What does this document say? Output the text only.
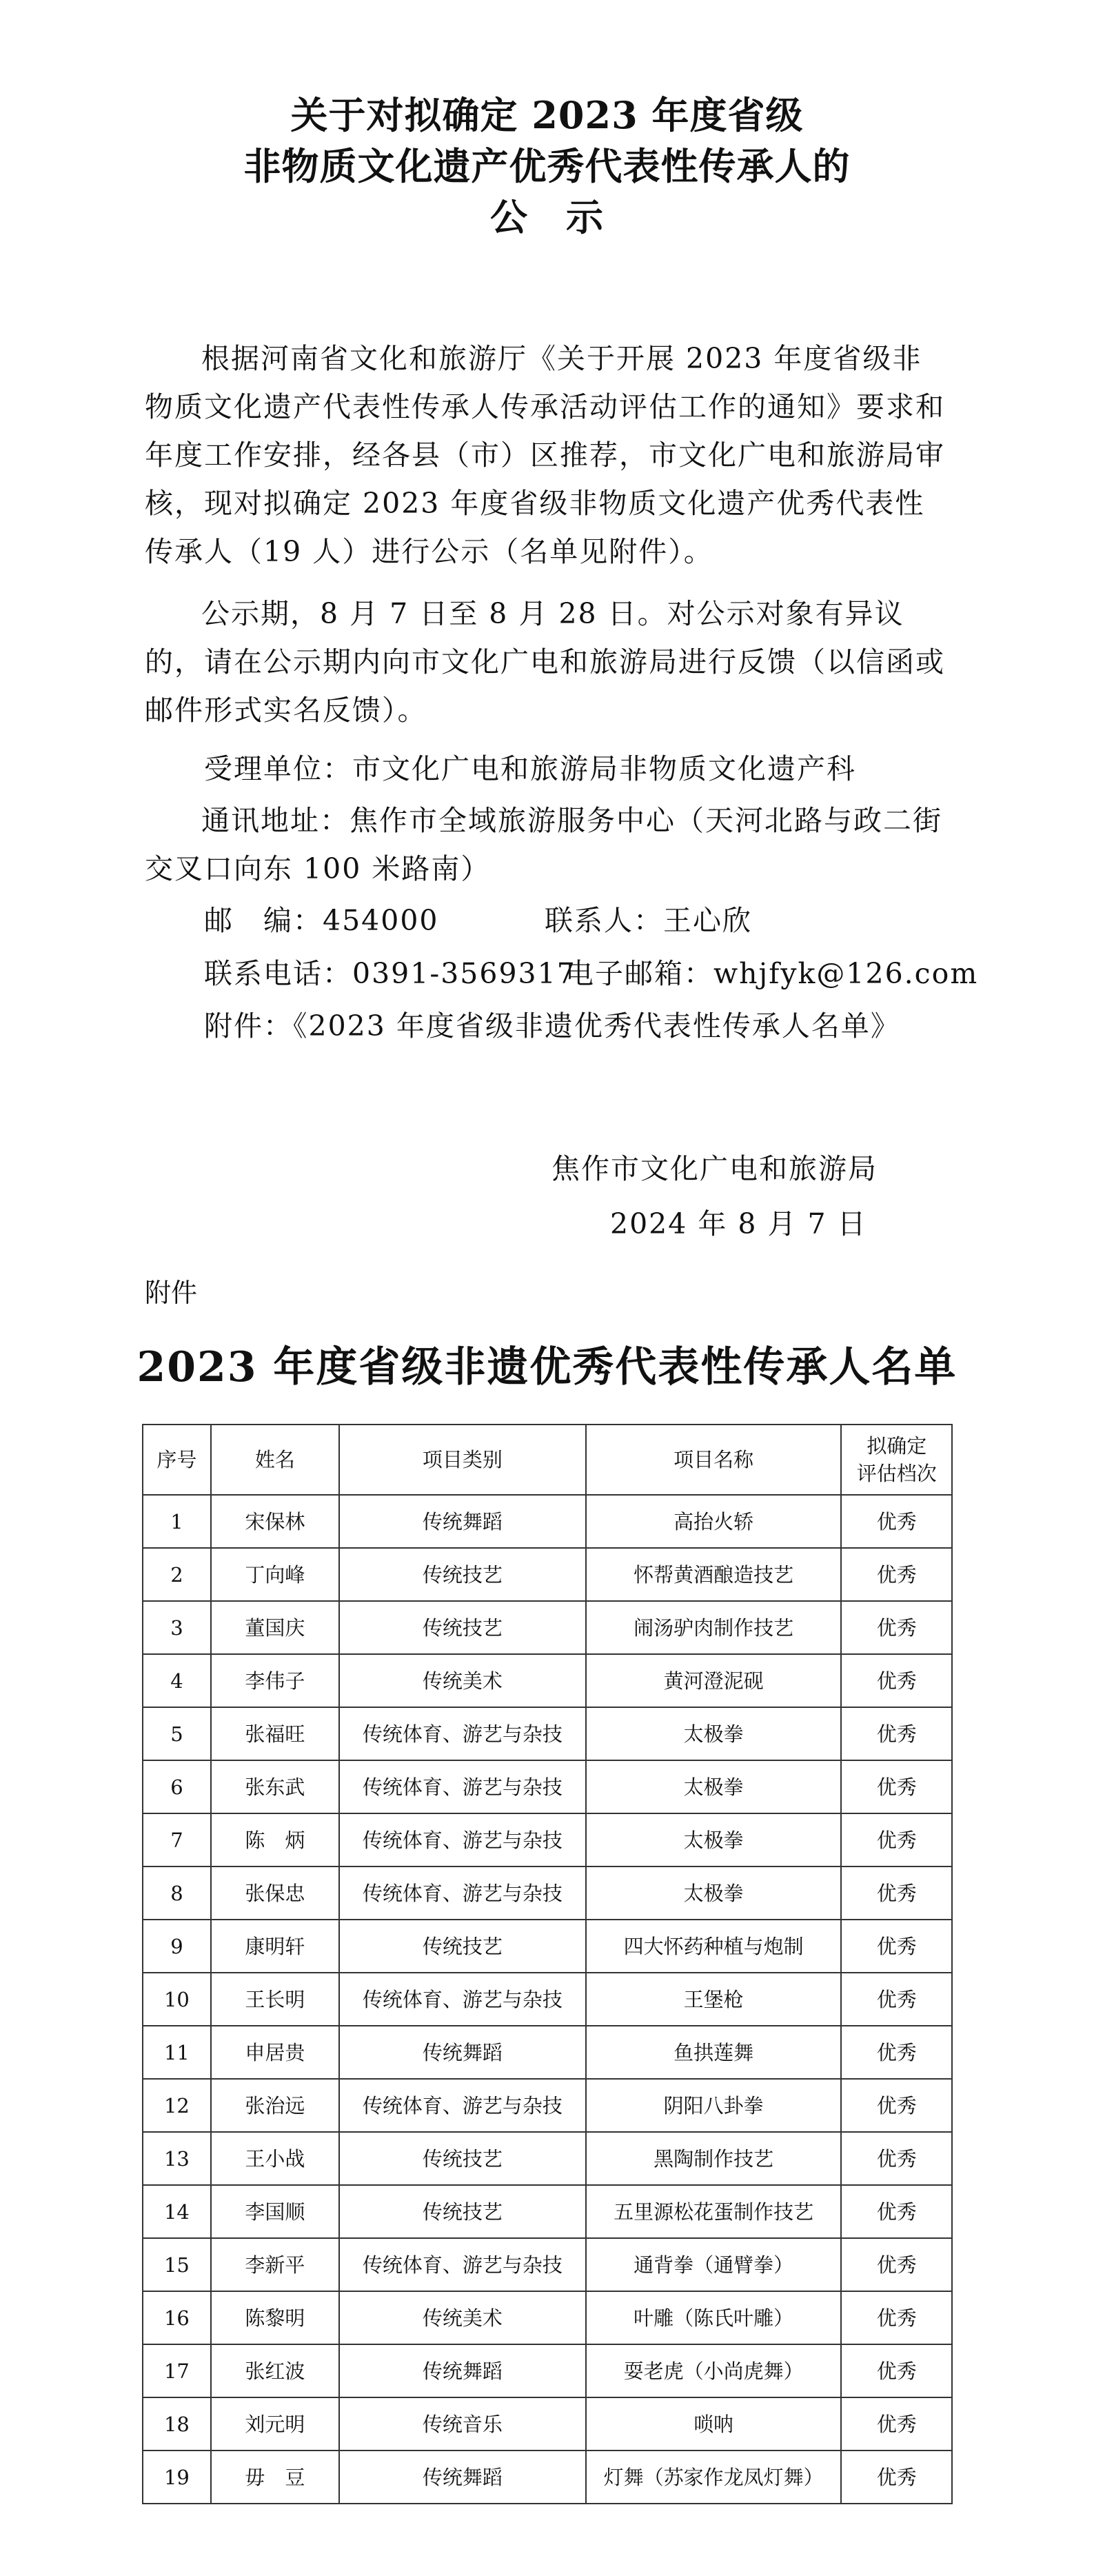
关于对拟确定 2023 年度省级
非物质文化遗产优秀代表性传承人的
公　示

根据河南省文化和旅游厅《关于开展 2023 年度省级非物质文化遗产代表性传承人传承活动评估工作的通知》要求和年度工作安排，经各县（市）区推荐，市文化广电和旅游局审核，现对拟确定 2023 年度省级非物质文化遗产优秀代表性传承人（19 人）进行公示（名单见附件）。

公示期，8 月 7 日至 8 月 28 日。对公示对象有异议的，请在公示期内向市文化广电和旅游局进行反馈（以信函或邮件形式实名反馈）。

受理单位：市文化广电和旅游局非物质文化遗产科

通讯地址：焦作市全域旅游服务中心（天河北路与政二街交叉口向东 100 米路南）

邮　编：454000	联系人：王心欣
联系电话：0391-3569317
电子邮箱：whjfyk@126.com
附件：《2023 年度省级非遗优秀代表性传承人名单》
焦作市文化广电和旅游局
2024 年 8 月 7 日
附件
2023 年度省级非遗优秀代表性传承人名单
序号	姓名	项目类别	项目名称	拟确定
评估档次

1	宋保林	传统舞蹈	高抬火轿	优秀
2	丁向峰	传统技艺	怀帮黄酒酿造技艺	优秀
3	董国庆	传统技艺	闹汤驴肉制作技艺	优秀
4	李伟子	传统美术	黄河澄泥砚	优秀
5	张福旺	传统体育、游艺与杂技	太极拳	优秀
6	张东武	传统体育、游艺与杂技	太极拳	优秀
7	陈　炳	传统体育、游艺与杂技	太极拳	优秀
8	张保忠	传统体育、游艺与杂技	太极拳	优秀
9	康明轩	传统技艺	四大怀药种植与炮制	优秀
10	王长明	传统体育、游艺与杂技	王堡枪	优秀
11	申居贵	传统舞蹈	鱼拱莲舞	优秀
12	张治远	传统体育、游艺与杂技	阴阳八卦拳	优秀
13	王小战	传统技艺	黑陶制作技艺	优秀
14	李国顺	传统技艺	五里源松花蛋制作技艺	优秀
15	李新平	传统体育、游艺与杂技	通背拳（通臂拳）	优秀
16	陈黎明	传统美术	叶雕（陈氏叶雕）	优秀
17	张红波	传统舞蹈	耍老虎（小尚虎舞）	优秀
18	刘元明	传统音乐	唢呐	优秀
19	毋　豆	传统舞蹈	灯舞（苏家作龙凤灯舞）	优秀
